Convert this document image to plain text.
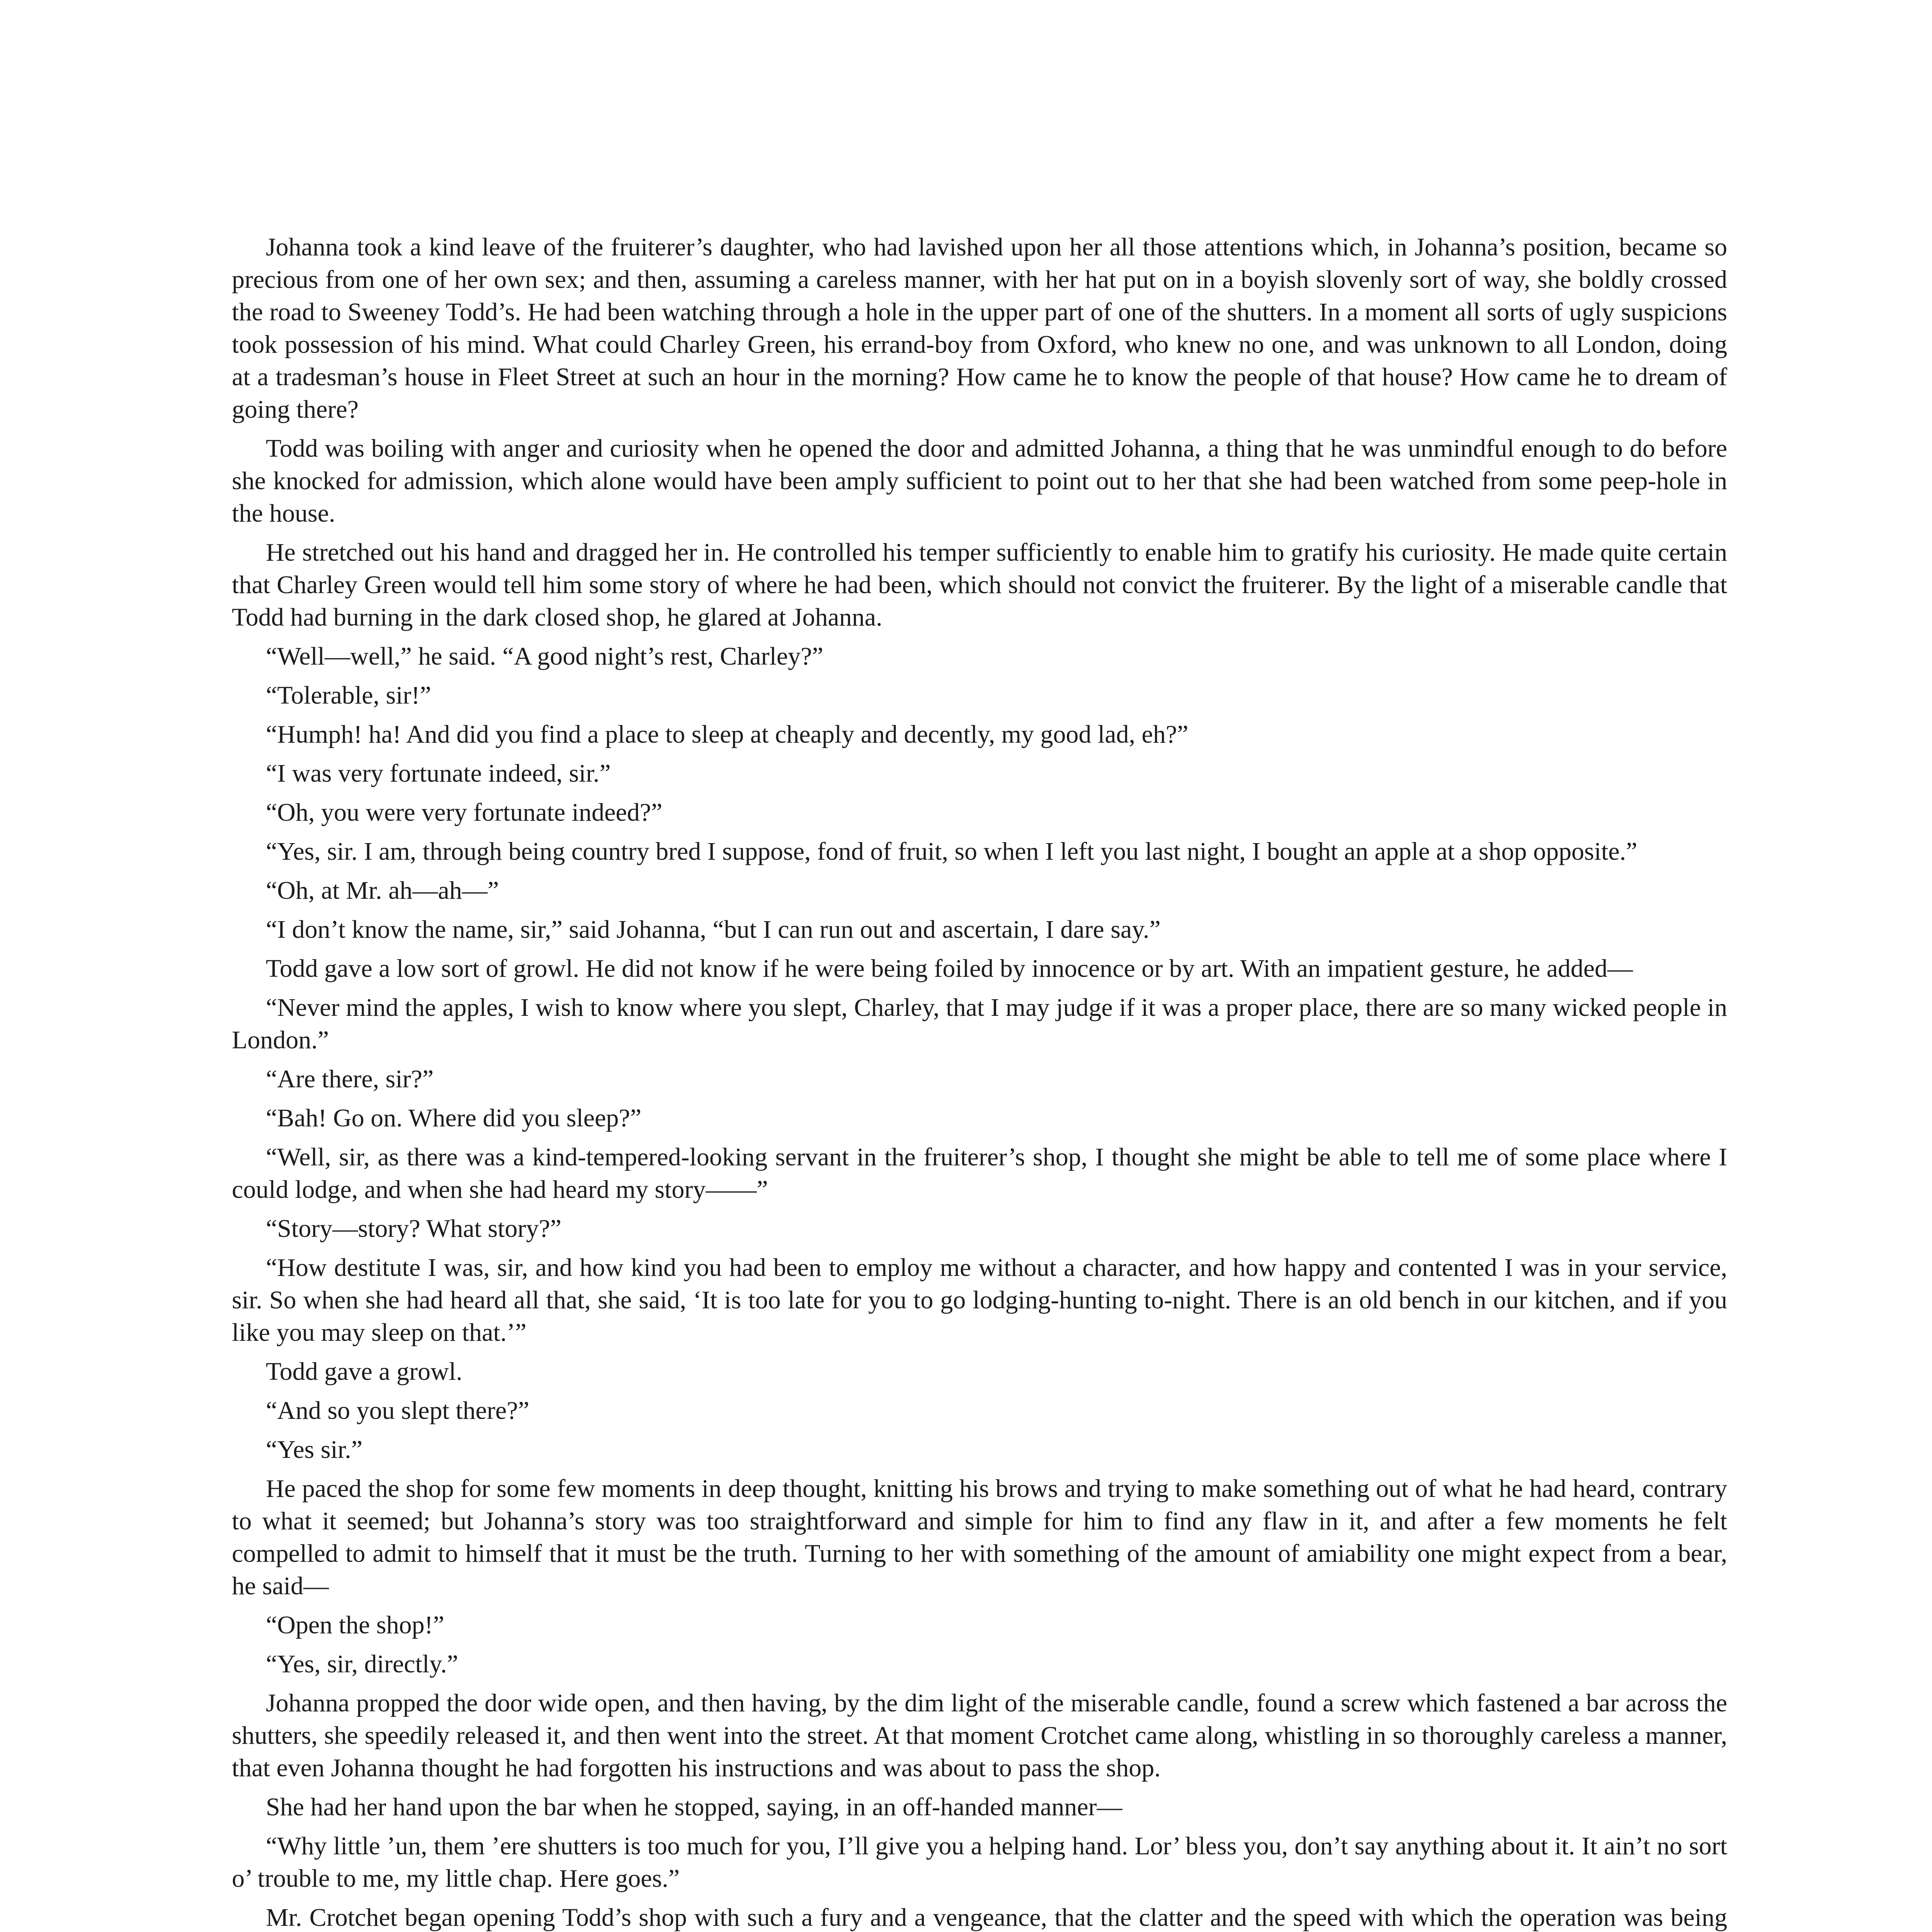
Johanna took a kind leave of the fruiterer’s daughter, who had lavished upon her all those attentions which, in Johanna’s position, became so precious from one of her own sex; and then, assuming a careless manner, with her hat put on in a boyish slovenly sort of way, she boldly crossed the road to Sweeney Todd’s. He had been watching through a hole in the upper part of one of the shutters. In a moment all sorts of ugly suspicions took possession of his mind. What could Charley Green, his errand-boy from Oxford, who knew no one, and was unknown to all London, doing at a tradesman’s house in Fleet Street at such an hour in the morning? How came he to know the people of that house? How came he to dream of going there?

Todd was boiling with anger and curiosity when he opened the door and admitted Johanna, a thing that he was unmindful enough to do before she knocked for admission, which alone would have been amply sufficient to point out to her that she had been watched from some peep-hole in the house.

He stretched out his hand and dragged her in. He controlled his temper sufficiently to enable him to gratify his curiosity. He made quite certain that Charley Green would tell him some story of where he had been, which should not convict the fruiterer. By the light of a miserable candle that Todd had burning in the dark closed shop, he glared at Johanna.

“Well—well,” he said. “A good night’s rest, Charley?”

“Tolerable, sir!”

“Humph! ha! And did you find a place to sleep at cheaply and decently, my good lad, eh?”

“I was very fortunate indeed, sir.”

“Oh, you were very fortunate indeed?”

“Yes, sir. I am, through being country bred I suppose, fond of fruit, so when I left you last night, I bought an apple at a shop opposite.”

“Oh, at Mr. ah—ah—”

“I don’t know the name, sir,” said Johanna, “but I can run out and ascertain, I dare say.”

Todd gave a low sort of growl. He did not know if he were being foiled by innocence or by art. With an impatient gesture, he added—

“Never mind the apples, I wish to know where you slept, Charley, that I may judge if it was a proper place, there are so many wicked people in London.”

“Are there, sir?”

“Bah! Go on. Where did you sleep?”

“Well, sir, as there was a kind-tempered-looking servant in the fruiterer’s shop, I thought she might be able to tell me of some place where I could lodge, and when she had heard my story——”

“Story—story? What story?”

“How destitute I was, sir, and how kind you had been to employ me without a character, and how happy and contented I was in your service, sir. So when she had heard all that, she said, ‘It is too late for you to go lodging-hunting to-night. There is an old bench in our kitchen, and if you like you may sleep on that.’”

Todd gave a growl.

“And so you slept there?”

“Yes sir.”

He paced the shop for some few moments in deep thought, knitting his brows and trying to make something out of what he had heard, contrary to what it seemed; but Johanna’s story was too straightforward and simple for him to find any flaw in it, and after a few moments he felt compelled to admit to himself that it must be the truth. Turning to her with something of the amount of amiability one might expect from a bear, he said—

“Open the shop!”

“Yes, sir, directly.”

Johanna propped the door wide open, and then having, by the dim light of the miserable candle, found a screw which fastened a bar across the shutters, she speedily released it, and then went into the street. At that moment Crotchet came along, whistling in so thoroughly careless a manner, that even Johanna thought he had forgotten his instructions and was about to pass the shop.

She had her hand upon the bar when he stopped, saying, in an off-handed manner—

“Why little ’un, them ’ere shutters is too much for you, I’ll give you a helping hand. Lor’ bless you, don’t say anything about it. It ain’t no sort o’ trouble to me, my little chap. Here goes.”

Mr. Crotchet began opening Todd’s shop with such a fury and a vengeance, that the clatter and the speed with which the operation was being
